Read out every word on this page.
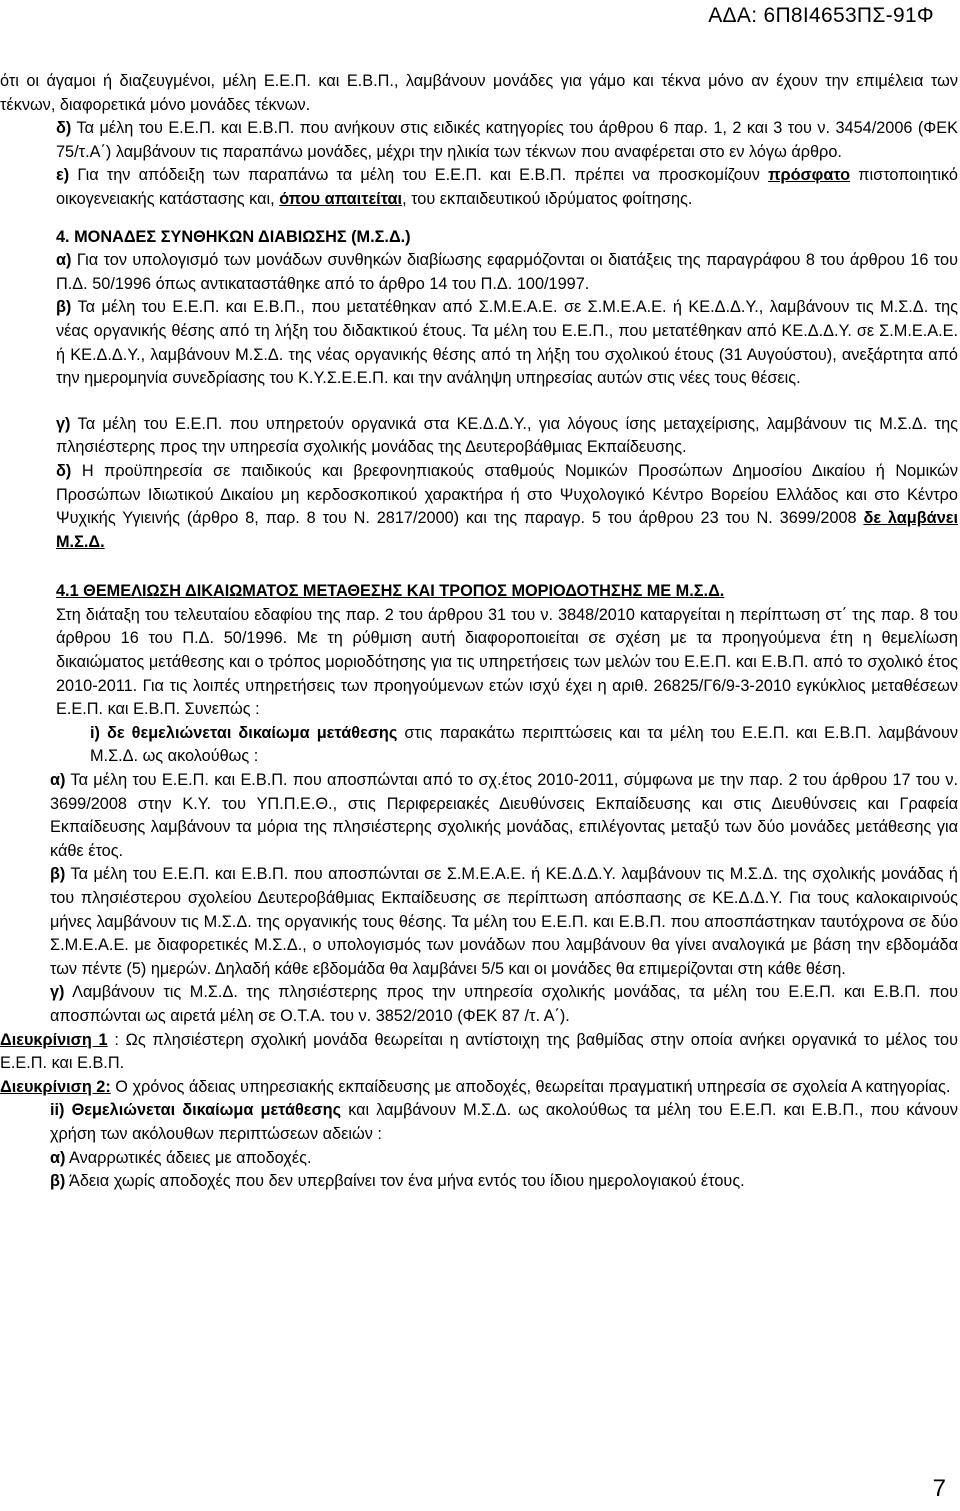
ΑΔΑ: 6Π8Ι4653ΠΣ-91Φ

ότι οι άγαμοι ή διαζευγμένοι, μέλη Ε.Ε.Π. και Ε.Β.Π., λαμβάνουν μονάδες για γάμο και τέκνα μόνο αν έχουν την επιμέλεια των τέκνων, διαφορετικά μόνο μονάδες τέκνων.

δ) Τα μέλη του Ε.Ε.Π. και Ε.Β.Π. που ανήκουν στις ειδικές κατηγορίες του άρθρου 6 παρ. 1, 2 και 3 του ν. 3454/2006 (ΦΕΚ 75/τ.Α΄) λαμβάνουν τις παραπάνω μονάδες, μέχρι την ηλικία των τέκνων που αναφέρεται στο εν λόγω άρθρο.

ε) Για την απόδειξη των παραπάνω τα μέλη του Ε.Ε.Π. και Ε.Β.Π. πρέπει να προσκομίζουν πρόσφατο πιστοποιητικό οικογενειακής κατάστασης και, όπου απαιτείται, του εκπαιδευτικού ιδρύματος φοίτησης.

4. ΜΟΝΑΔΕΣ ΣΥΝΘΗΚΩΝ ΔΙΑΒΙΩΣΗΣ (Μ.Σ.Δ.)

α) Για τον υπολογισμό των μονάδων συνθηκών διαβίωσης εφαρμόζονται οι διατάξεις της παραγράφου 8 του άρθρου 16 του Π.Δ. 50/1996 όπως αντικαταστάθηκε από το άρθρο 14 του Π.Δ. 100/1997.

β) Τα μέλη του Ε.Ε.Π. και Ε.Β.Π., που μετατέθηκαν από Σ.Μ.Ε.Α.Ε. σε Σ.Μ.Ε.Α.Ε. ή ΚΕ.Δ.Δ.Υ., λαμβάνουν τις Μ.Σ.Δ. της νέας οργανικής θέσης από τη λήξη του διδακτικού έτους. Τα μέλη του Ε.Ε.Π., που μετατέθηκαν από ΚΕ.Δ.Δ.Υ. σε Σ.Μ.Ε.Α.Ε. ή ΚΕ.Δ.Δ.Υ., λαμβάνουν Μ.Σ.Δ. της νέας οργανικής θέσης από τη λήξη του σχολικού έτους (31 Αυγούστου), ανεξάρτητα από την ημερομηνία συνεδρίασης του Κ.Υ.Σ.Ε.Ε.Π. και την ανάληψη υπηρεσίας αυτών στις νέες τους θέσεις.

γ) Τα μέλη του Ε.Ε.Π. που υπηρετούν οργανικά στα ΚΕ.Δ.Δ.Υ., για λόγους ίσης μεταχείρισης, λαμβάνουν τις Μ.Σ.Δ. της πλησιέστερης προς την υπηρεσία σχολικής μονάδας της Δευτεροβάθμιας Εκπαίδευσης.

δ) Η προϋπηρεσία σε παιδικούς και βρεφονηπιακούς σταθμούς Νομικών Προσώπων Δημοσίου Δικαίου ή Νομικών Προσώπων Ιδιωτικού Δικαίου μη κερδοσκοπικού χαρακτήρα ή στο Ψυχολογικό Κέντρο Βορείου Ελλάδος και στο Κέντρο Ψυχικής Υγιεινής (άρθρο 8, παρ. 8 του Ν. 2817/2000) και της παραγρ. 5 του άρθρου 23 του Ν. 3699/2008 δε λαμβάνει Μ.Σ.Δ.

4.1 ΘΕΜΕΛΙΩΣΗ ΔΙΚΑΙΩΜΑΤΟΣ ΜΕΤΑΘΕΣΗΣ ΚΑΙ ΤΡΟΠΟΣ ΜΟΡΙΟΔΟΤΗΣΗΣ ΜΕ Μ.Σ.Δ.

Στη διάταξη του τελευταίου εδαφίου της παρ. 2 του άρθρου 31 του ν. 3848/2010 καταργείται η περίπτωση στ΄ της παρ. 8 του άρθρου 16 του Π.Δ. 50/1996. Με τη ρύθμιση αυτή διαφοροποιείται σε σχέση με τα προηγούμενα έτη η θεμελίωση δικαιώματος μετάθεσης και ο τρόπος μοριοδότησης για τις υπηρετήσεις των μελών του Ε.Ε.Π. και Ε.Β.Π. από το σχολικό έτος 2010-2011. Για τις λοιπές υπηρετήσεις των προηγούμενων ετών ισχύ έχει η αριθ. 26825/Γ6/9-3-2010 εγκύκλιος μεταθέσεων Ε.Ε.Π. και Ε.Β.Π. Συνεπώς :

i) δε θεμελιώνεται δικαίωμα μετάθεσης στις παρακάτω περιπτώσεις και τα μέλη του Ε.Ε.Π. και Ε.Β.Π. λαμβάνουν Μ.Σ.Δ. ως ακολούθως :

α) Τα μέλη του Ε.Ε.Π. και Ε.Β.Π. που αποσπώνται από το σχ.έτος 2010-2011, σύμφωνα με την παρ. 2 του άρθρου 17 του ν. 3699/2008 στην Κ.Υ. του ΥΠ.Π.Ε.Θ., στις Περιφερειακές Διευθύνσεις Εκπαίδευσης και στις Διευθύνσεις και Γραφεία Εκπαίδευσης λαμβάνουν τα μόρια της πλησιέστερης σχολικής μονάδας, επιλέγοντας μεταξύ των δύο μονάδες μετάθεσης για κάθε έτος.

β) Τα μέλη του Ε.Ε.Π. και Ε.Β.Π. που αποσπώνται σε Σ.Μ.Ε.Α.Ε. ή ΚΕ.Δ.Δ.Υ. λαμβάνουν τις Μ.Σ.Δ. της σχολικής μονάδας ή του πλησιέστερου σχολείου Δευτεροβάθμιας Εκπαίδευσης σε περίπτωση απόσπασης σε ΚΕ.Δ.Δ.Υ. Για τους καλοκαιρινούς μήνες λαμβάνουν τις Μ.Σ.Δ. της οργανικής τους θέσης. Τα μέλη του Ε.Ε.Π. και Ε.Β.Π. που αποσπάστηκαν ταυτόχρονα σε δύο Σ.Μ.Ε.Α.Ε. με διαφορετικές Μ.Σ.Δ., ο υπολογισμός των μονάδων που λαμβάνουν θα γίνει αναλογικά με βάση την εβδομάδα των πέντε (5) ημερών. Δηλαδή κάθε εβδομάδα θα λαμβάνει 5/5 και οι μονάδες θα επιμερίζονται στη κάθε θέση.

γ) Λαμβάνουν τις Μ.Σ.Δ. της πλησιέστερης προς την υπηρεσία σχολικής μονάδας, τα μέλη του Ε.Ε.Π. και Ε.Β.Π. που αποσπώνται ως αιρετά μέλη σε Ο.Τ.Α. του ν. 3852/2010 (ΦΕΚ 87 /τ. Α΄).

Διευκρίνιση 1 : Ως πλησιέστερη σχολική μονάδα θεωρείται η αντίστοιχη της βαθμίδας στην οποία ανήκει οργανικά το μέλος του Ε.Ε.Π. και Ε.Β.Π.

Διευκρίνιση 2: Ο χρόνος άδειας υπηρεσιακής εκπαίδευσης με αποδοχές, θεωρείται πραγματική υπηρεσία σε σχολεία Α κατηγορίας.

ii) Θεμελιώνεται δικαίωμα μετάθεσης και λαμβάνουν Μ.Σ.Δ. ως ακολούθως τα μέλη του Ε.Ε.Π. και Ε.Β.Π., που κάνουν χρήση των ακόλουθων περιπτώσεων αδειών :

α) Αναρρωτικές άδειες με αποδοχές.

β) Άδεια χωρίς αποδοχές που δεν υπερβαίνει τον ένα μήνα εντός του ίδιου ημερολογιακού έτους.

7
